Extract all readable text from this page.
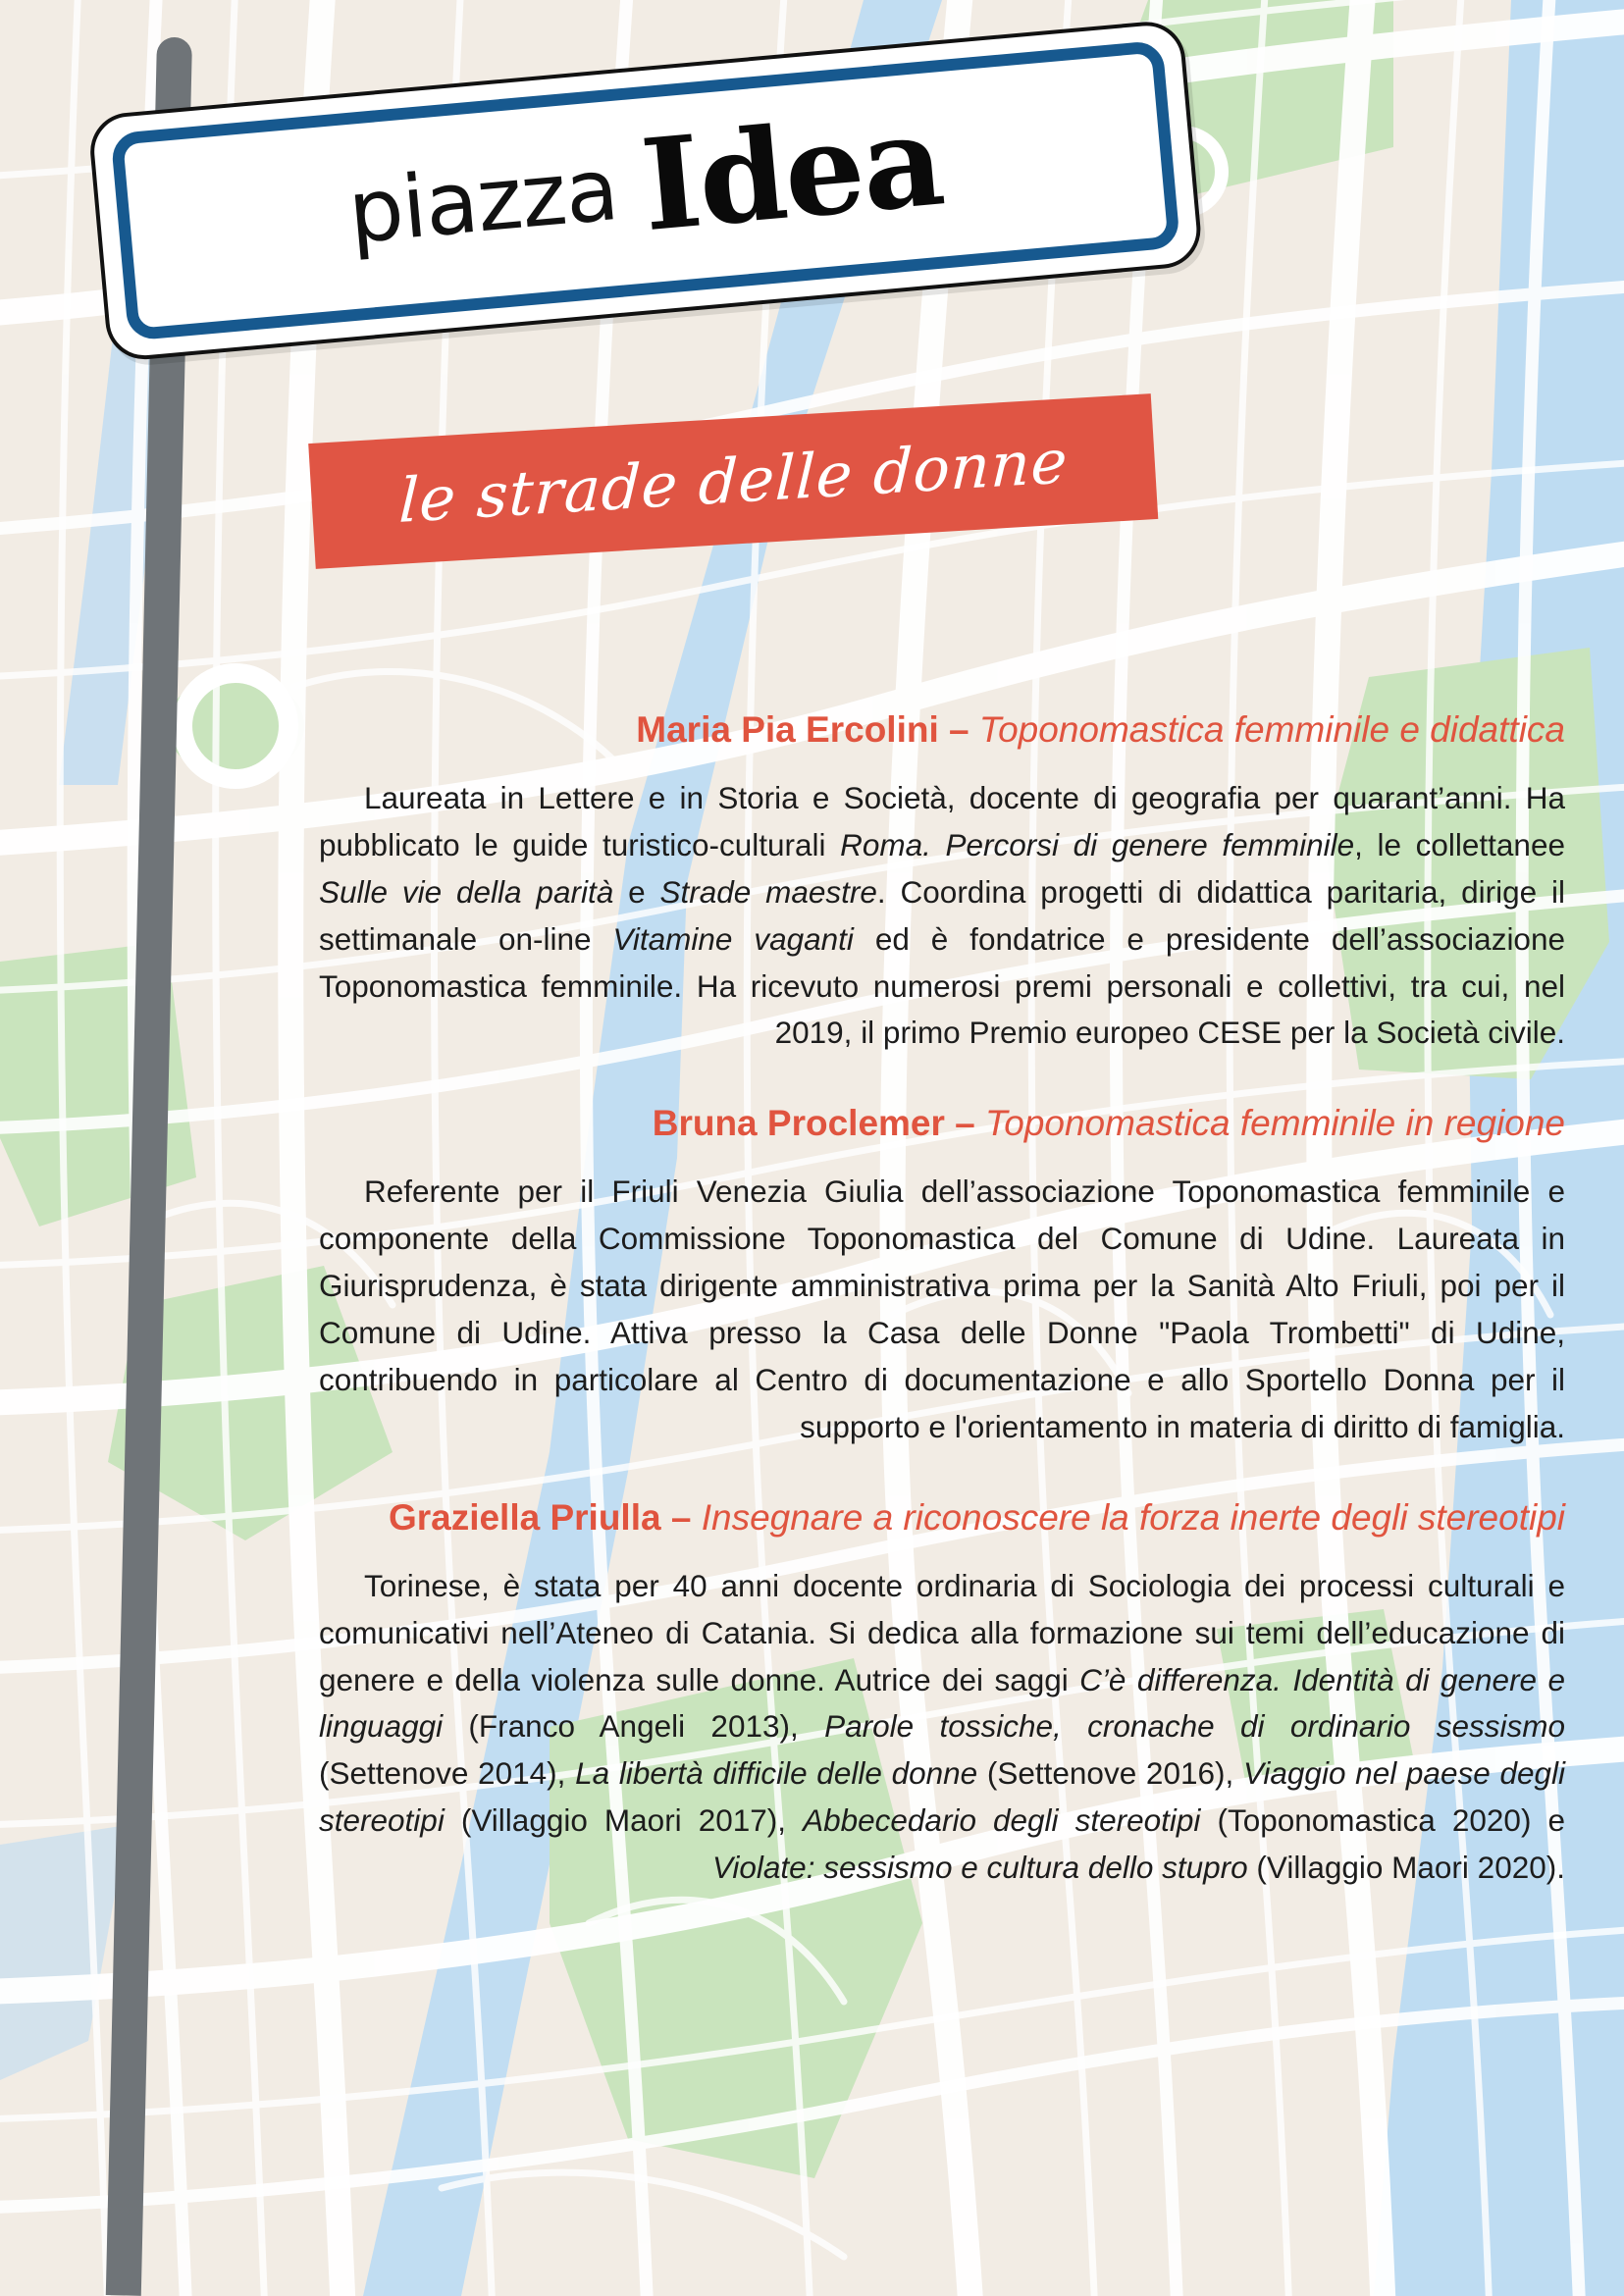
piazza Idea
le strade delle donne
Maria Pia Ercolini – Toponomastica femminile e didattica

Laureata in Lettere e in Storia e Società, docente di geografia per quarant’anni. Ha pubblicato le guide turistico-culturali Roma. Percorsi di genere femminile, le collettanee Sulle vie della parità e Strade maestre. Coordina progetti di didattica paritaria, dirige il settimanale on-line Vitamine vaganti ed è fondatrice e presidente dell’associazione Toponomastica femminile. Ha ricevuto numerosi premi personali e collettivi, tra cui, nel 2019, il primo Premio europeo CESE per la Società civile.

Bruna Proclemer – Toponomastica femminile in regione

Referente per il Friuli Venezia Giulia dell’associazione Toponomastica femminile e componente della Commissione Toponomastica del Comune di Udine. Laureata in Giurisprudenza, è stata dirigente amministrativa prima per la Sanità Alto Friuli, poi per il Comune di Udine. Attiva presso la Casa delle Donne "Paola Trombetti" di Udine, contribuendo in particolare al Centro di documentazione e allo Sportello Donna per il supporto e l'orientamento in materia di diritto di famiglia.

Graziella Priulla – Insegnare a riconoscere la forza inerte degli stereotipi

Torinese, è stata per 40 anni docente ordinaria di Sociologia dei processi culturali e comunicativi nell’Ateneo di Catania. Si dedica alla formazione sui temi dell’educazione di genere e della violenza sulle donne. Autrice dei saggi C’è differenza. Identità di genere e linguaggi (Franco Angeli 2013), Parole tossiche, cronache di ordinario sessismo (Settenove 2014), La libertà difficile delle donne (Settenove 2016), Viaggio nel paese degli stereotipi (Villaggio Maori 2017), Abbecedario degli stereotipi (Toponomastica 2020) e Violate: sessismo e cultura dello stupro (Villaggio Maori 2020).
